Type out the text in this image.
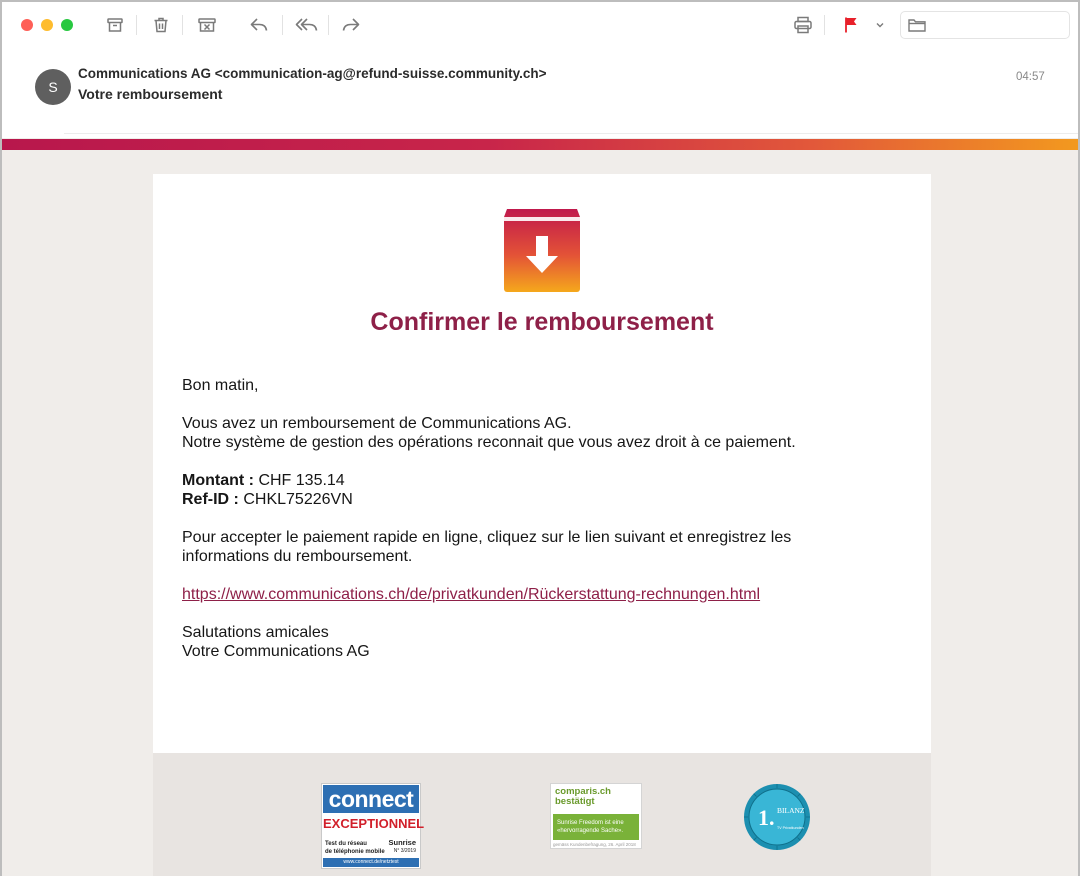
S
Communications AG <communication-ag@refund-suisse.community.ch>
Votre remboursement
04:57
Confirmer le remboursement
Bon matin,
Vous avez un remboursement de Communications AG.
Notre système de gestion des opérations reconnait que vous avez droit à ce paiement.
Montant : CHF 135.14
Ref-ID : CHKL75226VN
Pour accepter le paiement rapide en ligne, cliquez sur le lien suivant et enregistrez les
informations du remboursement.
https://www.communications.ch/de/privatkunden/Rückerstattung-rechnungen.html
Salutations amicales
Votre Communications AG
connect
EXCEPTIONNEL
Test du réseau
de téléphonie mobile
Sunrise
N° 3/2019
www.connect.de/netztest
comparis.ch
bestätigt
Sunrise Freedom ist eine
«hervorragende Sache».
gemäss Kundenbefragung, 26. April 2018
1. BILANZ
TV Privatkunden
